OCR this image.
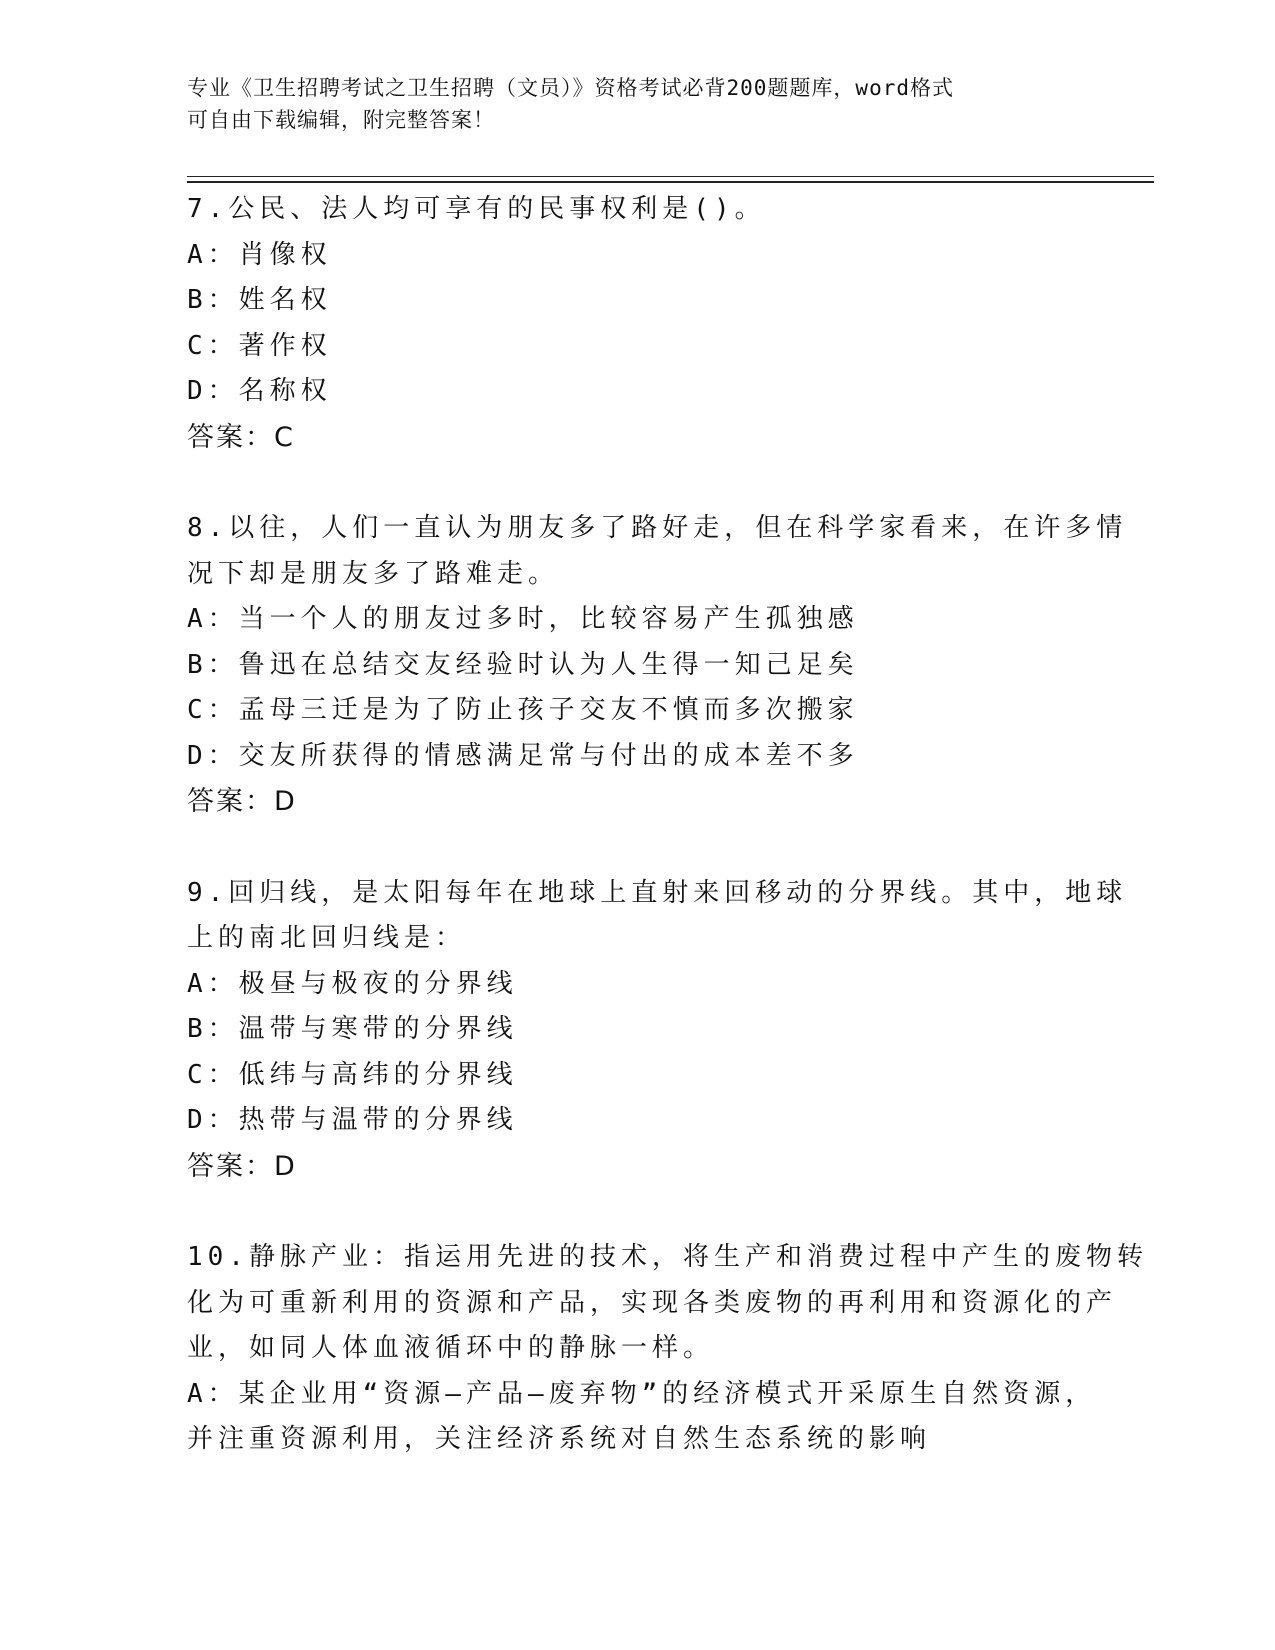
专业《卫生招聘考试之卫生招聘（文员）》资格考试必背200题题库，word格式
可自由下载编辑，附完整答案！
7.公民、法人均可享有的民事权利是()。
A：肖像权
B：姓名权
C：著作权
D：名称权
答案：C
8.以往，人们一直认为朋友多了路好走，但在科学家看来，在许多情
况下却是朋友多了路难走。
A：当一个人的朋友过多时，比较容易产生孤独感
B：鲁迅在总结交友经验时认为人生得一知己足矣
C：孟母三迁是为了防止孩子交友不慎而多次搬家
D：交友所获得的情感满足常与付出的成本差不多
答案：D
9.回归线，是太阳每年在地球上直射来回移动的分界线。其中，地球
上的南北回归线是：
A：极昼与极夜的分界线
B：温带与寒带的分界线
C：低纬与高纬的分界线
D：热带与温带的分界线
答案：D
10.静脉产业：指运用先进的技术，将生产和消费过程中产生的废物转
化为可重新利用的资源和产品，实现各类废物的再利用和资源化的产
业，如同人体血液循环中的静脉一样。
A：某企业用“资源—产品—废弃物”的经济模式开采原生自然资源，
并注重资源利用，关注经济系统对自然生态系统的影响
